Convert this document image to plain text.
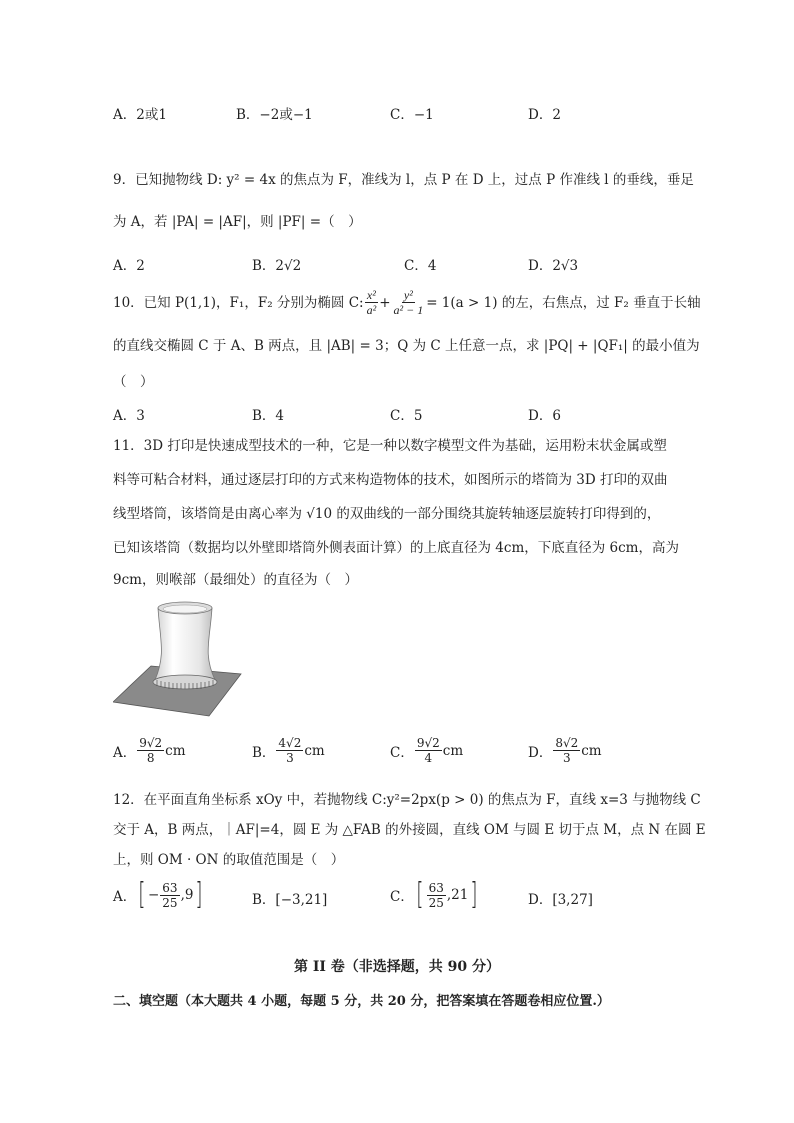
A．2或1	B．−2或−1	C．−1	D．2
9．已知抛物线 D: y² = 4x 的焦点为 F，准线为 l，点 P 在 D 上，过点 P 作准线 l 的垂线，垂足
为 A，若 |PA| = |AF|，则 |PF| =（　）
A．2	B．2√2	C．4	D．2√3
10．已知 P(1,1)，F₁，F₂ 分别为椭圆 C: $\frac{\text{x²}}{\text{a²}} + \frac{\text{y²}}{\text{a² − 1}} = 1(a > 1)$ 的左，右焦点，过 F₂ 垂直于长轴
的直线交椭圆 C 于 A、B 两点，且 |AB| = 3；Q 为 C 上任意一点，求 |PQ| + |QF₁| 的最小值为
（　）
A．3	B．4	C．5	D．6
11．3D 打印是快速成型技术的一种，它是一种以数字模型文件为基础，运用粉末状金属或塑
料等可粘合材料，通过逐层打印的方式来构造物体的技术，如图所示的塔筒为 3D 打印的双曲
线型塔筒，该塔筒是由离心率为 √10 的双曲线的一部分围绕其旋转轴逐层旋转打印得到的，
已知该塔筒（数据均以外壁即塔筒外侧表面计算）的上底直径为 4cm，下底直径为 6cm，高为
9cm，则喉部（最细处）的直径为（　）
A． $\frac{9√2}{8}$ cm	B． $\frac{4√2}{3}$ cm	C． $\frac{9√2}{4}$ cm	D． $\frac{8√2}{3}$ cm
12．在平面直角坐标系 xOy 中，若抛物线 C:y²=2px(p > 0) 的焦点为 F，直线 x=3 与抛物线 C
交于 A，B 两点，｜AF|=4，圆 E 为 △FAB 的外接圆，直线 OM 与圆 E 切于点 M，点 N 在圆 E
上，则 OM · ON 的取值范围是（　）
A． [ − $\frac{63}{25} ,9$ ]	B．[−3,21]	C． [ $\frac{63}{25} ,21$ ]	D．[3,27]
第 II 卷（非选择题，共 90 分）
二、填空题（本大题共 4 小题，每题 5 分，共 20 分，把答案填在答题卷相应位置.）
